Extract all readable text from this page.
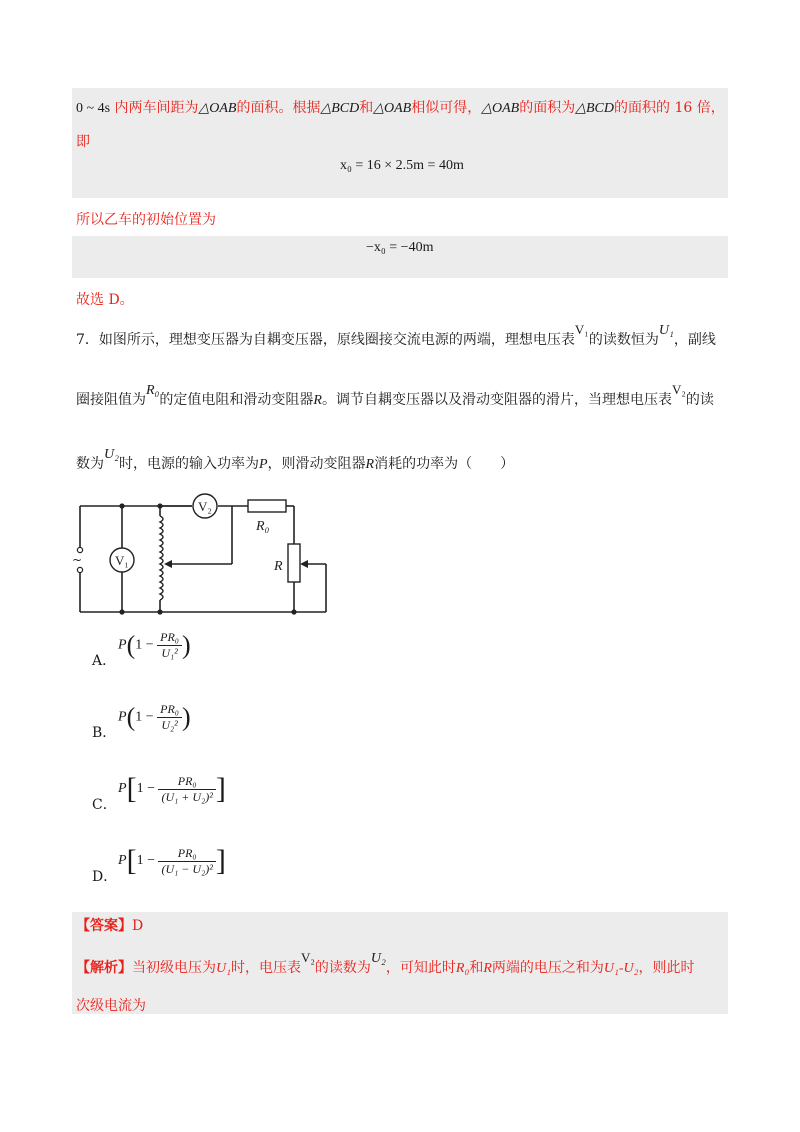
0 ~ 4s 内两车间距为△OAB的面积。根据△BCD和△OAB相似可得，△OAB的面积为△BCD的面积的 16 倍，
即
x₀ = 16 × 2.5m = 40m
所以乙车的初始位置为
−x₀ = −40m
故选 D。
7．如图所示，理想变压器为自耦变压器，原线圈接交流电源的两端，理想电压表V₁的读数恒为U₁，副线
圈接阻值为R₀的定值电阻和滑动变阻器R。调节自耦变压器以及滑动变阻器的滑片，当理想电压表V₂的读
数为U₂时，电源的输入功率为P，则滑动变阻器R消耗的功率为（　　）
V₂
V₁
R₀
R
~
A．
$P(1 - \frac{\text{PR₀}}{\text{U₁²}}$ )
B．
$P(1 - \frac{\text{PR₀}}{\text{U₂²}}$ )
C．
$P[1 - \frac{\text{PR₀}}{\text{(U₁ + U₂)²}}$ ]
D．
$P[1 - \frac{\text{PR₀}}{\text{(U₁ − U₂)²}}$ ]
【答案】D
【解析】当初级电压为U₁时，电压表V₂的读数为U₂，可知此时R₀和R两端的电压之和为U₁-U₂，则此时
次级电流为
